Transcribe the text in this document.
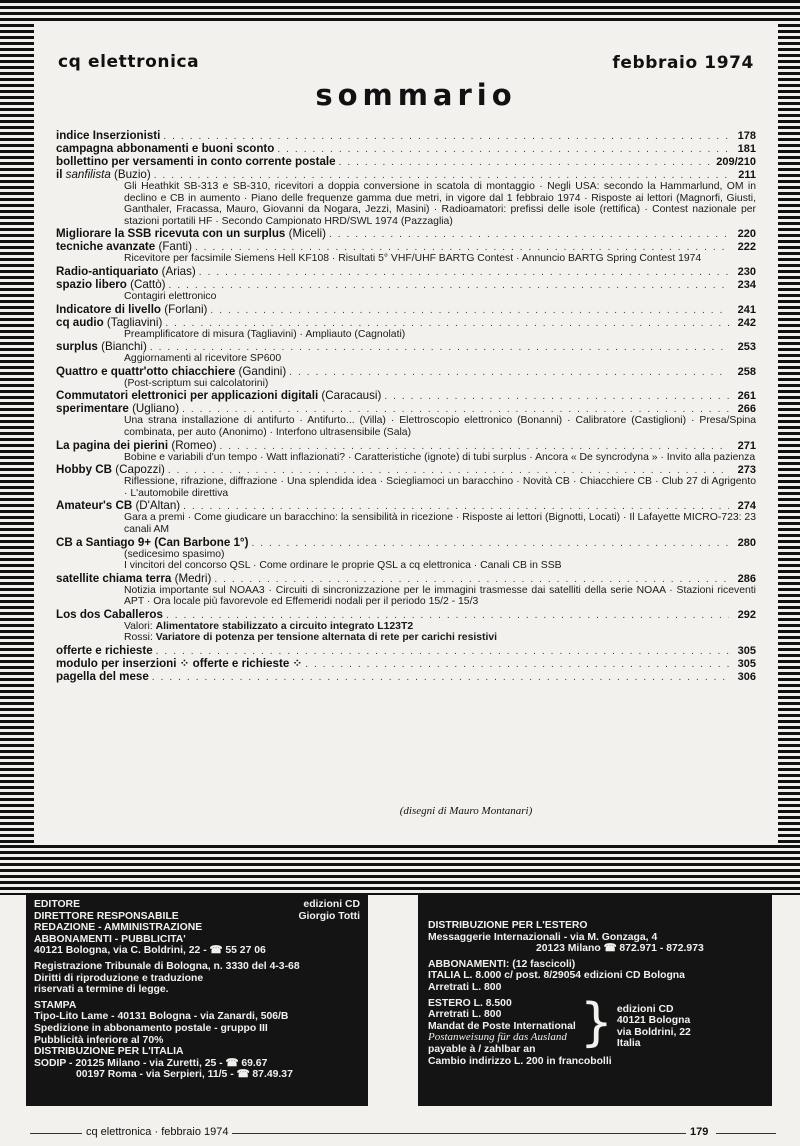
cq elettronica	febbraio 1974
sommario
indice Inserzionisti .....	178
campagna abbonamenti e buoni sconto .....	181
bollettino per versamenti in conto corrente postale .....	209/210
il sanfilista (Buzio) .....	211
Gli Heathkit SB-313 e SB-310, ricevitori a doppia conversione in scatola di montaggio · Negli USA: secondo la Hammarlund, OM in declino e CB in aumento · Piano delle frequenze gamma due metri, in vigore dal 1 febbraio 1974 · Risposte ai lettori (Magnorfi, Giusti, Ganthaler, Fracassa, Mauro, Giovanni da Nogara, Jezzi, Masini) · Radioamatori: prefissi delle isole (rettifica) · Contest nazionale per stazioni portatili HF · Secondo Campionato HRD/SWL 1974 (Pazzaglia)
Migliorare la SSB ricevuta con un surplus (Miceli) .....	220
tecniche avanzate (Fanti) .....	222
Ricevitore per facsimile Siemens Hell KF108 · Risultati 5° VHF/UHF BARTG Contest · Annuncio BARTG Spring Contest 1974
Radio-antiquariato (Arias) .....	230
spazio libero (Cattò) .....	234
Contagiri elettronico
Indicatore di livello (Forlani) .....	241
cq audio (Tagliavini) .....	242
Preamplificatore di misura (Tagliavini) · Ampliauto (Cagnolati)
surplus (Bianchi) .....	253
Aggiornamenti al ricevitore SP600
Quattro e quattr'otto chiacchiere (Gandini) .....	258
(Post-scriptum sui calcolatorini)
Commutatori elettronici per applicazioni digitali (Caracausi) .....	261
sperimentare (Ugliano) .....	266
Una strana installazione di antifurto · Antifurto... (Villa) · Elettroscopio elettronico (Bonanni) · Calibratore (Castiglioni) · Presa/Spina combinata, per auto (Anonimo) · Interfono ultrasensibile (Sala)
La pagina dei pierini (Romeo) .....	271
Bobine e variabili d'un tempo · Watt inflazionati? · Caratteristiche (ignote) di tubi surplus · Ancora « De syncrodyna » · Invito alla pazienza
Hobby CB (Capozzi) .....	273
Riflessione, rifrazione, diffrazione · Una splendida idea · Sciegliamoci un baracchino · Novità CB · Chiacchiere CB · Club 27 di Agrigento · L'automobile direttiva
Amateur's CB (D'Altan) .....	274
Gara a premi · Come giudicare un baracchino: la sensibilità in ricezione · Risposte ai lettori (Bignotti, Locati) · Il Lafayette MICRO-723: 23 canali AM
CB a Santiago 9+ (Can Barbone 1°) .....	280
(sedicesimo spasimo)
I vincitori del concorso QSL · Come ordinare le proprie QSL a cq elettronica · Canali CB in SSB
satellite chiama terra (Medri) .....	286
Notizia importante sul NOAA3 · Circuiti di sincronizzazione per le immagini trasmesse dai satelliti della serie NOAA · Stazioni riceventi APT · Ora locale più favorevole ed Effemeridi nodali per il periodo 15/2 - 15/3
Los dos Caballeros .....	292
Valori: Alimentatore stabilizzato a circuito integrato L123T2
Rossi: Variatore di potenza per tensione alternata di rete per carichi resistivi
offerte e richieste .....	305
modulo per inserzioni ⁘ offerte e richieste ⁘ .....	305
pagella del mese .....	306
(disegni di Mauro Montanari)
EDITORE	edizioni CD
DIRETTORE RESPONSABILE	Giorgio Totti
REDAZIONE - AMMINISTRAZIONE
ABBONAMENTI - PUBBLICITA'
40121 Bologna, via C. Boldrini, 22 - ☎ 55 27 06
Registrazione Tribunale di Bologna, n. 3330 del 4-3-68
Diritti di riproduzione e traduzione
riservati a termine di legge.
STAMPA
Tipo-Lito Lame - 40131 Bologna - via Zanardi, 506/B
Spedizione in abbonamento postale - gruppo III
Pubblicità inferiore al 70%
DISTRIBUZIONE PER L'ITALIA
SODIP - 20125 Milano - via Zuretti, 25 - ☎ 69.67
00197 Roma - via Serpieri, 11/5 - ☎ 87.49.37
DISTRIBUZIONE PER L'ESTERO
Messaggerie Internazionali - via M. Gonzaga, 4
20123 Milano ☎ 872.971 - 872.973
ABBONAMENTI: (12 fascicoli)
ITALIA L. 8.000 c/ post. 8/29054 edizioni CD Bologna
Arretrati L. 800
ESTERO L. 8.500
Arretrati L. 800
Mandat de Poste International
Postanweisung für das Ausland
payable à / zahlbar an } edizioni CD
40121 Bologna
via Boldrini, 22
Italia
Cambio indirizzo L. 200 in francobolli
cq elettronica · febbraio 1974	179
